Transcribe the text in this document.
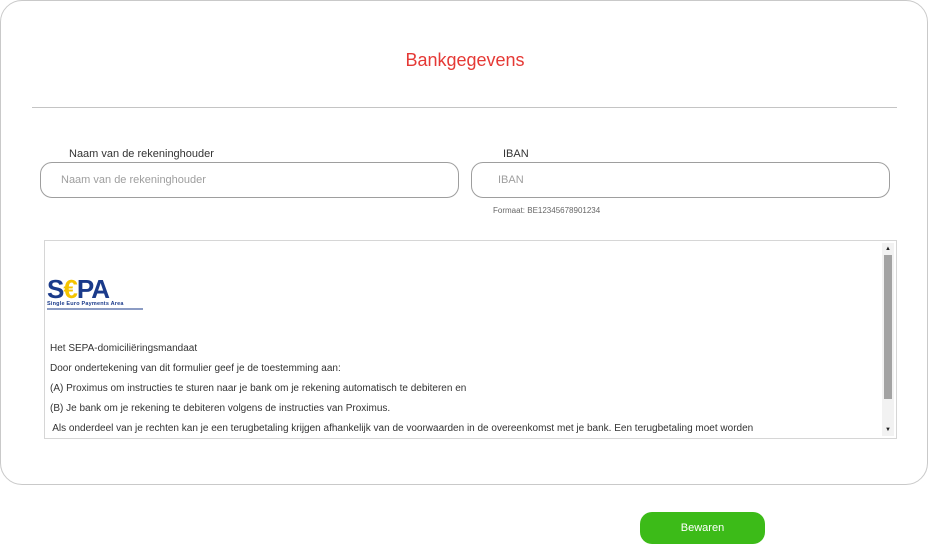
Bankgegevens
Naam van de rekeninghouder
Naam van de rekeninghouder	IBAN
IBAN
Formaat: BE12345678901234
S€PA
Single Euro Payments Area
Het SEPA-domiciliëringsmandaat
Door ondertekening van dit formulier geef je de toestemming aan:
(A) Proximus om instructies te sturen naar je bank om je rekening automatisch te debiteren en
(B) Je bank om je rekening te debiteren volgens de instructies van Proximus.
Als onderdeel van je rechten kan je een terugbetaling krijgen afhankelijk van de voorwaarden in de overeenkomst met je bank. Een terugbetaling moet worden
▲
▼
Bewaren
